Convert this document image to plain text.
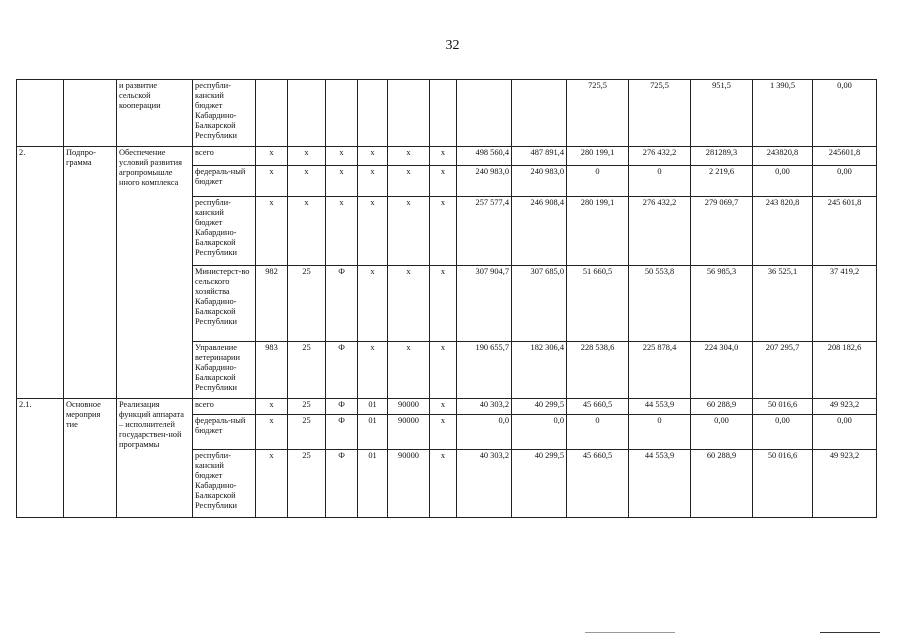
32
		и развитие сельской кооперации	республи-канский бюджет Кабардино-Балкарской Республики									725,5	725,5	951,5	1 390,5	0,00
2.	Подпро-грамма	Обеспечение условий развития агропромышле нного комплекса	всего	х	х	х	х	х	х	498 560,4	487 891,4	280 199,1	276 432,2	281289,3	243820,8	245601,8
			федераль-ный бюджет	х	х	х	х	х	х	240 983,0	240 983,0	0	0	2 219,6	0,00	0,00
			республи-канский бюджет Кабардино-Балкарской Республики	х	х	х	х	х	х	257 577,4	246 908,4	280 199,1	276 432,2	279 069,7	243 820,8	245 601,8
			Министерст-во сельского хозяйства Кабардино-Балкарской Республики	982	25	Ф	х	х	х	307 904,7	307 685,0	51 660,5	50 553,8	56 985,3	36 525,1	37 419,2
			Управление ветеринарии Кабардино-Балкарской Республики	983	25	Ф	х	х	х	190 655,7	182 306,4	228 538,6	225 878,4	224 304,0	207 295,7	208 182,6
2.1.	Основное мероприя тие	Реализация функций аппарата – исполнителей государствен-ной программы	всего	х	25	Ф	01	90000	х	40 303,2	40 299,5	45 660,5	44 553,9	60 288,9	50 016,6	49 923,2
			федераль-ный бюджет	х	25	Ф	01	90000	х	0,0	0,0	0	0	0,00	0,00	0,00
			республи-канский бюджет Кабардино-Балкарской Республики	х	25	Ф	01	90000	х	40 303,2	40 299,5	45 660,5	44 553,9	60 288,9	50 016,6	49 923,2
